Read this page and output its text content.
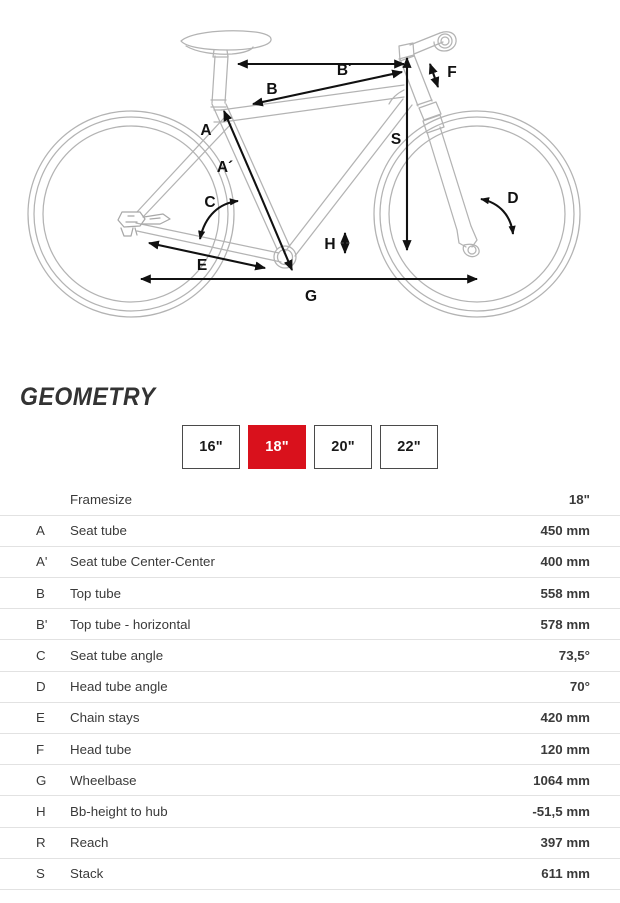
A
A´
B
B´
C	D
E
F
G
H
S
GEOMETRY
16"	18"	20"	22"
	Framesize	18"
A	Seat tube	450 mm
A'	Seat tube Center-Center	400 mm
B	Top tube	558 mm
B'	Top tube - horizontal	578 mm
C	Seat tube angle	73,5°
D	Head tube angle	70°
E	Chain stays	420 mm
F	Head tube	120 mm
G	Wheelbase	1064 mm
H	Bb-height to hub	-51,5 mm
R	Reach	397 mm
S	Stack	611 mm
